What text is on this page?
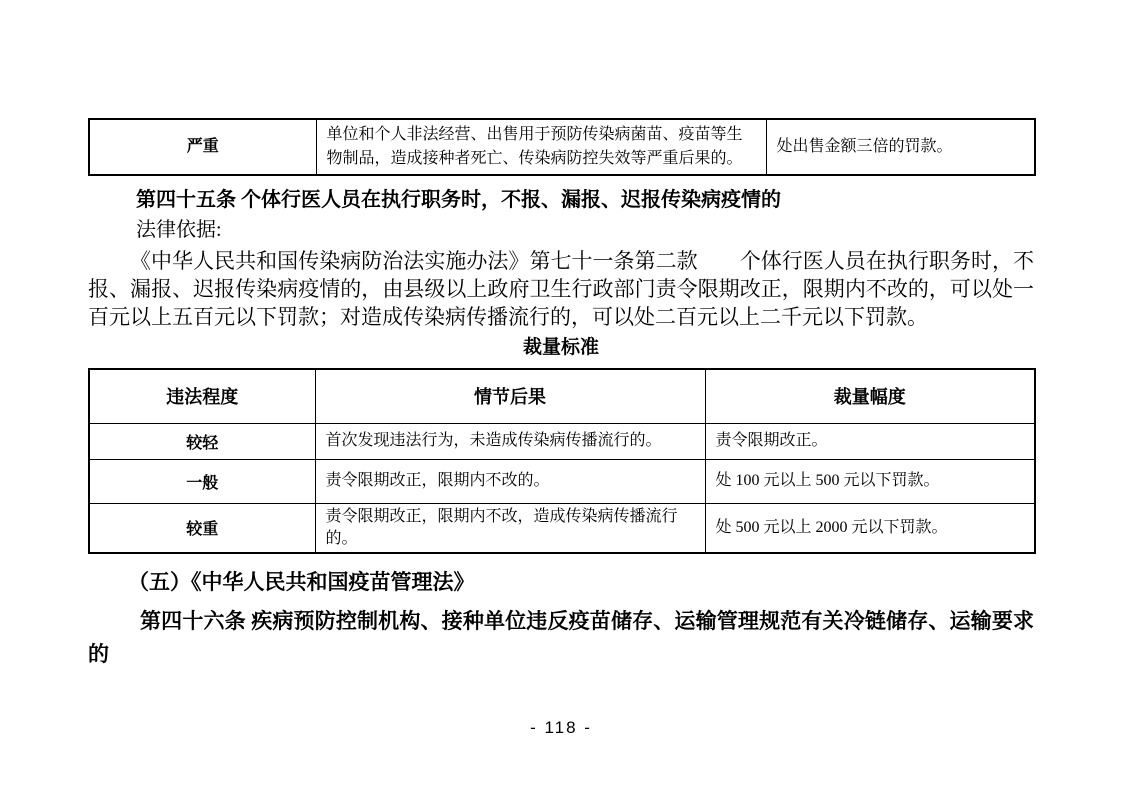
严重	单位和个人非法经营、出售用于预防传染病菌苗、疫苗等生物制品，造成接种者死亡、传染病防控失效等严重后果的。	处出售金额三倍的罚款。
第四十五条 个体行医人员在执行职务时，不报、漏报、迟报传染病疫情的
法律依据:
《中华人民共和国传染病防治法实施办法》第七十一条第二款　　个体行医人员在执行职务时，不报、漏报、迟报传染病疫情的，由县级以上政府卫生行政部门责令限期改正，限期内不改的，可以处一百元以上五百元以下罚款；对造成传染病传播流行的，可以处二百元以上二千元以下罚款。
裁量标准
违法程度	情节后果	裁量幅度
较轻	首次发现违法行为，未造成传染病传播流行的。	责令限期改正。
一般	责令限期改正，限期内不改的。	处 100 元以上 500 元以下罚款。
较重	责令限期改正，限期内不改，造成传染病传播流行的。	处 500 元以上 2000 元以下罚款。
（五）《中华人民共和国疫苗管理法》
第四十六条 疾病预防控制机构、接种单位违反疫苗储存、运输管理规范有关冷链储存、运输要求的
- 118 -
